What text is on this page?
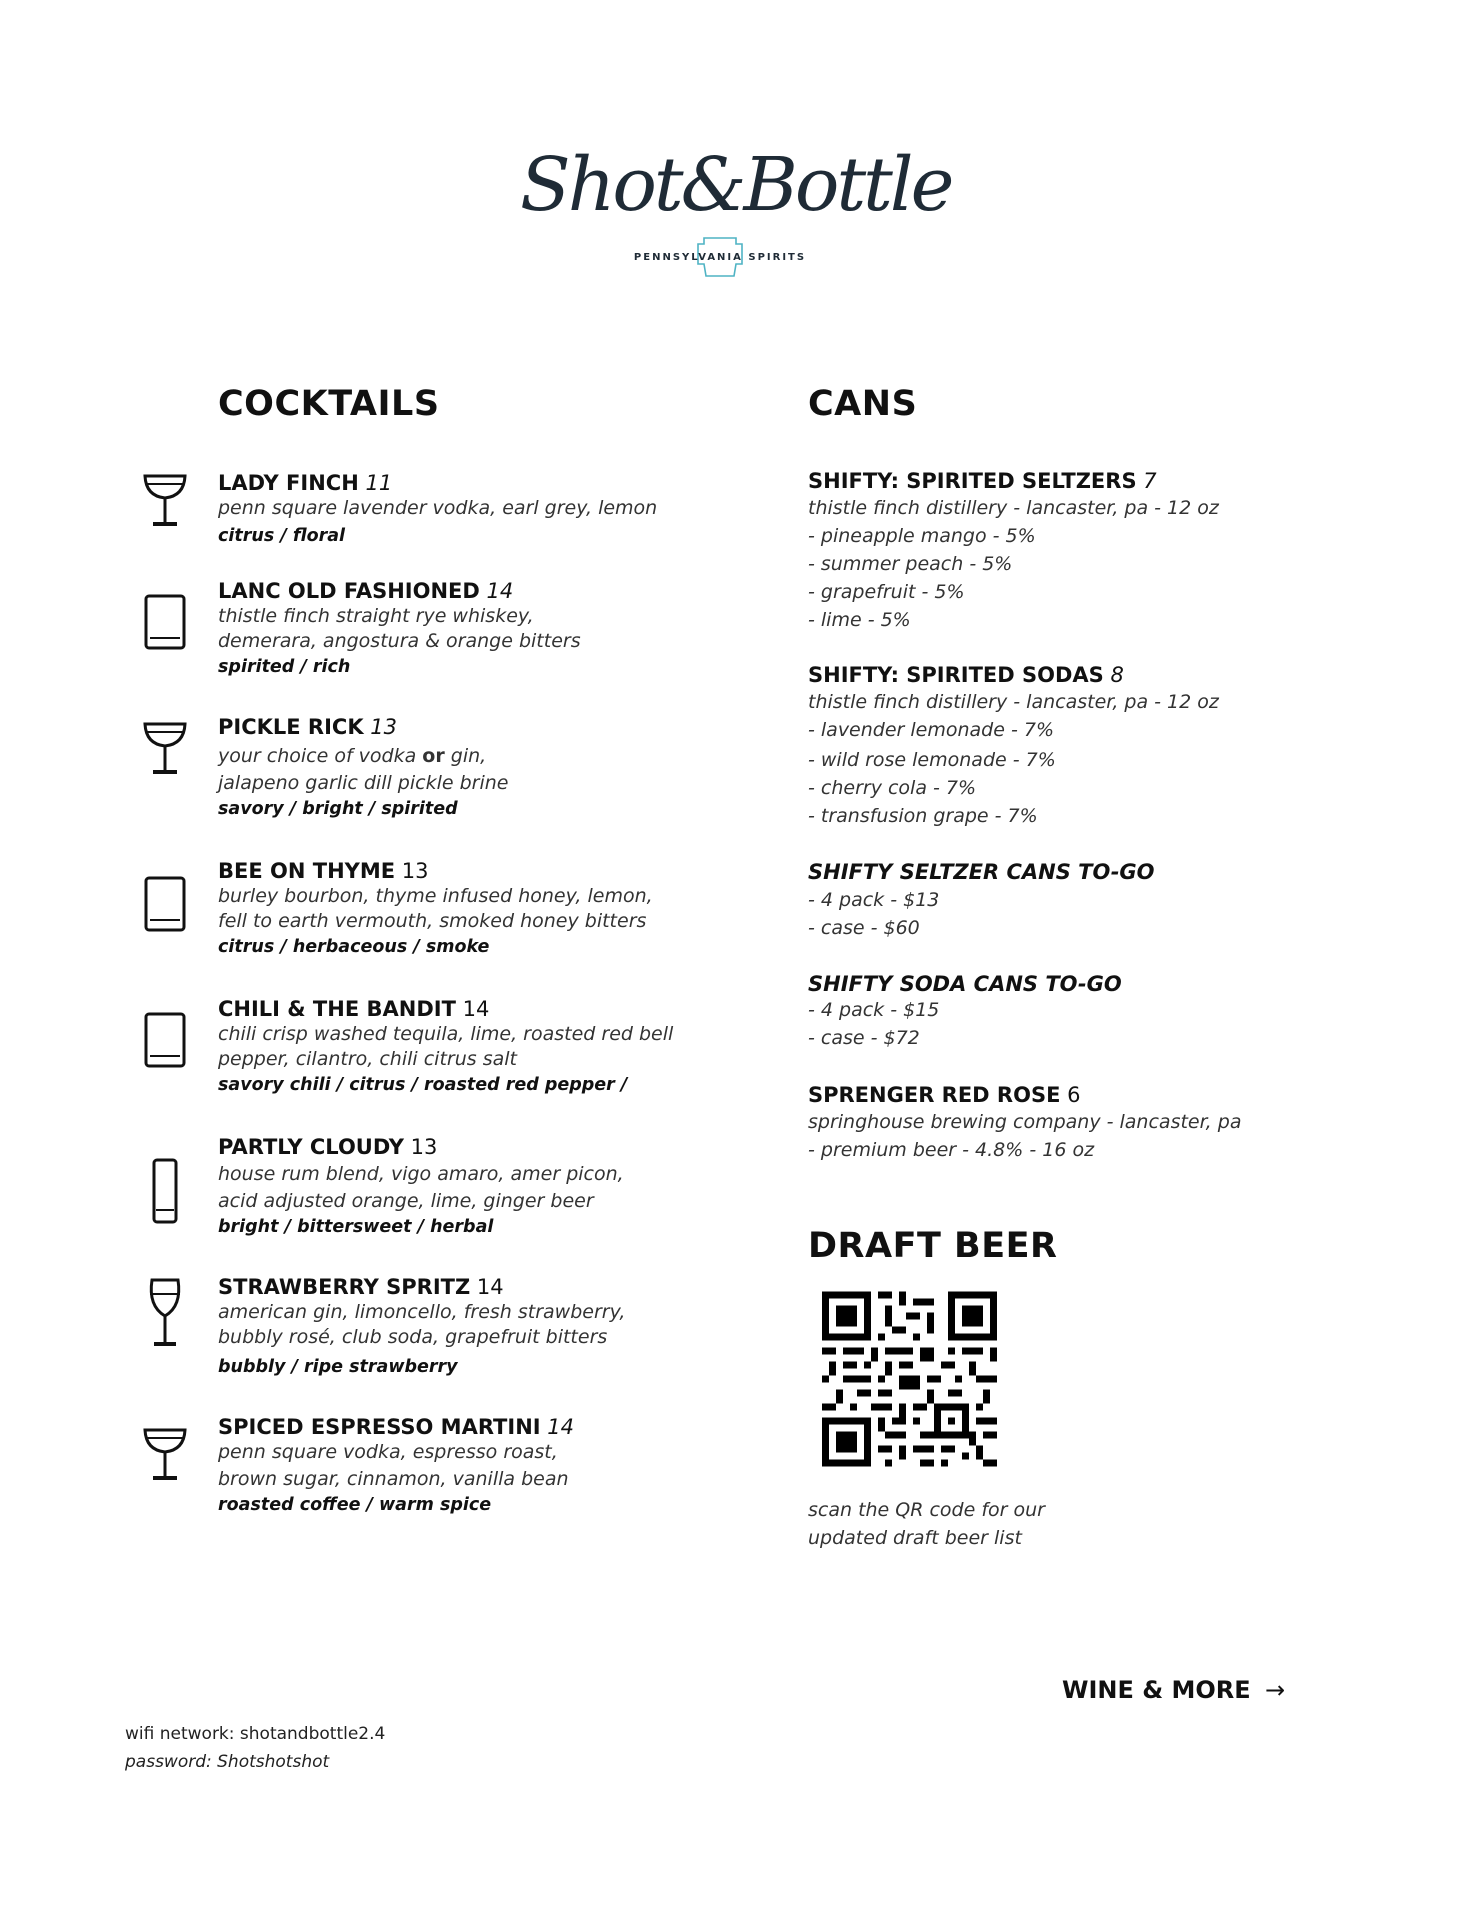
Shot&Bottle
PENNSYLVANIA SPIRITS
COCKTAILS
LADY FINCH 11
penn square lavender vodka, earl grey, lemon
citrus / floral
LANC OLD FASHIONED 14
thistle finch straight rye whiskey,
demerara, angostura & orange bitters
spirited / rich
PICKLE RICK 13
your choice of vodka or gin,
jalapeno garlic dill pickle brine
savory / bright / spirited
BEE ON THYME 13
burley bourbon, thyme infused honey, lemon,
fell to earth vermouth, smoked honey bitters
citrus / herbaceous / smoke
CHILI & THE BANDIT 14
chili crisp washed tequila, lime, roasted red bell
pepper, cilantro, chili citrus salt
savory chili / citrus / roasted red pepper /
PARTLY CLOUDY 13
house rum blend, vigo amaro, amer picon,
acid adjusted orange, lime, ginger beer
bright / bittersweet / herbal
STRAWBERRY SPRITZ 14
american gin, limoncello, fresh strawberry,
bubbly rosé, club soda, grapefruit bitters
bubbly / ripe strawberry
SPICED ESPRESSO MARTINI 14
penn square vodka, espresso roast,
brown sugar, cinnamon, vanilla bean
roasted coffee / warm spice
CANS
SHIFTY: SPIRITED SELTZERS 7
thistle finch distillery - lancaster, pa - 12 oz
- pineapple mango - 5%
- summer peach - 5%
- grapefruit - 5%
- lime - 5%
SHIFTY: SPIRITED SODAS 8
thistle finch distillery - lancaster, pa - 12 oz
- lavender lemonade - 7%
- wild rose lemonade - 7%
- cherry cola - 7%
- transfusion grape - 7%
SHIFTY SELTZER CANS TO-GO
- 4 pack - $13
- case - $60
SHIFTY SODA CANS TO-GO
- 4 pack - $15
- case - $72
SPRENGER RED ROSE 6
springhouse brewing company - lancaster, pa
- premium beer - 4.8% - 16 oz
DRAFT BEER
scan the QR code for our
updated draft beer list
WINE & MORE →
wifi network: shotandbottle2.4
password: Shotshotshot
